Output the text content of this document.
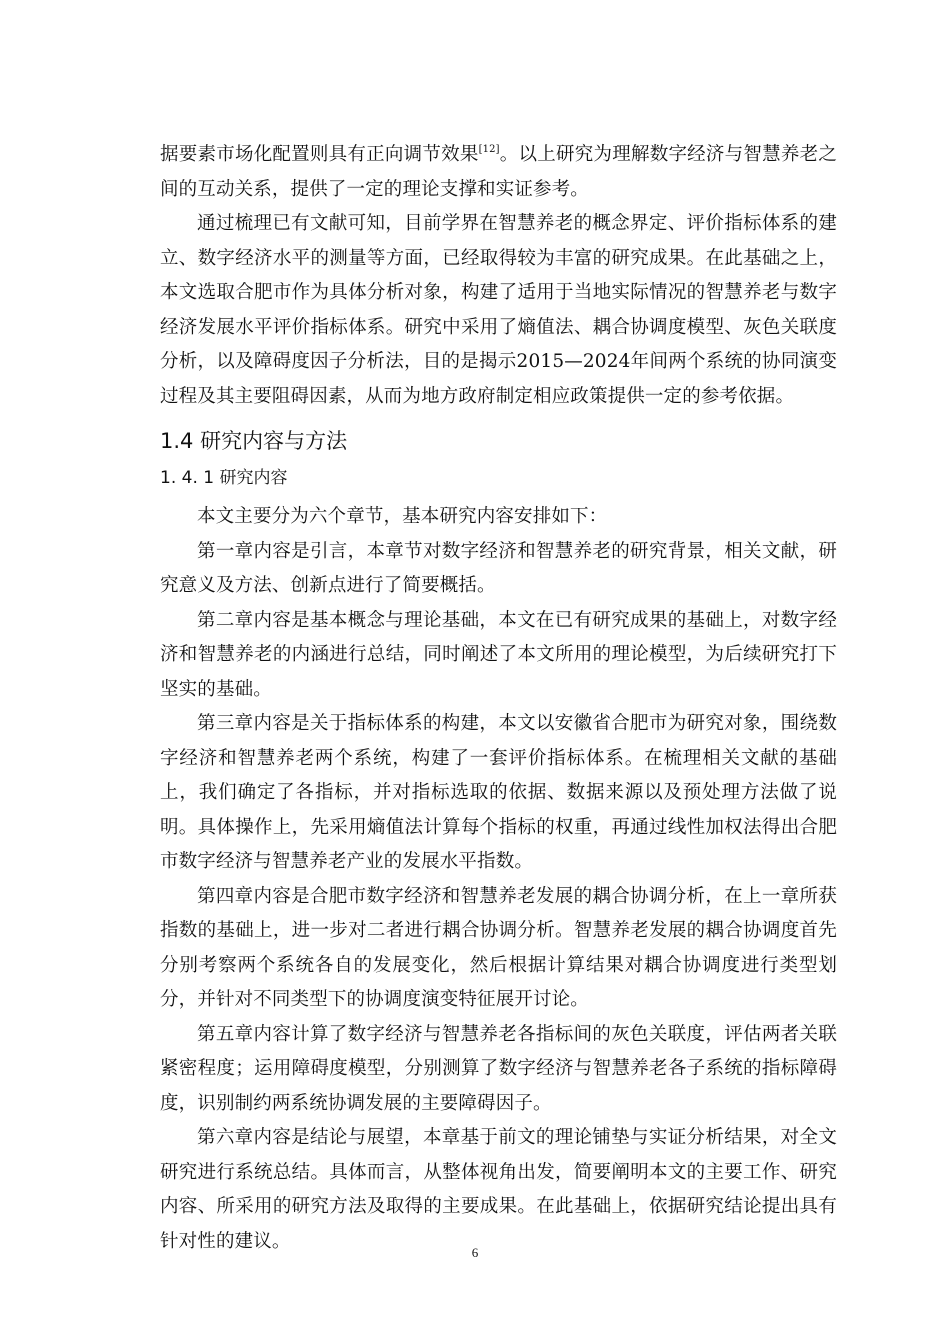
据要素市场化配置则具有正向调节效果[12]。以上研究为理解数字经济与智慧养老之间的互动关系，提供了一定的理论支撑和实证参考。

通过梳理已有文献可知，目前学界在智慧养老的概念界定、评价指标体系的建立、数字经济水平的测量等方面，已经取得较为丰富的研究成果。在此基础之上，本文选取合肥市作为具体分析对象，构建了适用于当地实际情况的智慧养老与数字经济发展水平评价指标体系。研究中采用了熵值法、耦合协调度模型、灰色关联度分析，以及障碍度因子分析法，目的是揭示2015—2024年间两个系统的协同演变过程及其主要阻碍因素，从而为地方政府制定相应政策提供一定的参考依据。

1.4 研究内容与方法
1. 4. 1 研究内容

本文主要分为六个章节，基本研究内容安排如下：

第一章内容是引言，本章节对数字经济和智慧养老的研究背景，相关文献，研究意义及方法、创新点进行了简要概括。

第二章内容是基本概念与理论基础，本文在已有研究成果的基础上，对数字经济和智慧养老的内涵进行总结，同时阐述了本文所用的理论模型，为后续研究打下坚实的基础。

第三章内容是关于指标体系的构建，本文以安徽省合肥市为研究对象，围绕数字经济和智慧养老两个系统，构建了一套评价指标体系。在梳理相关文献的基础上，我们确定了各指标，并对指标选取的依据、数据来源以及预处理方法做了说明。具体操作上，先采用熵值法计算每个指标的权重，再通过线性加权法得出合肥市数字经济与智慧养老产业的发展水平指数。

第四章内容是合肥市数字经济和智慧养老发展的耦合协调分析，在上一章所获指数的基础上，进一步对二者进行耦合协调分析。智慧养老发展的耦合协调度首先分别考察两个系统各自的发展变化，然后根据计算结果对耦合协调度进行类型划分，并针对不同类型下的协调度演变特征展开讨论。

第五章内容计算了数字经济与智慧养老各指标间的灰色关联度，评估两者关联紧密程度；运用障碍度模型，分别测算了数字经济与智慧养老各子系统的指标障碍度，识别制约两系统协调发展的主要障碍因子。

第六章内容是结论与展望，本章基于前文的理论铺垫与实证分析结果，对全文研究进行系统总结。具体而言，从整体视角出发，简要阐明本文的主要工作、研究内容、所采用的研究方法及取得的主要成果。在此基础上，依据研究结论提出具有针对性的建议。

6
